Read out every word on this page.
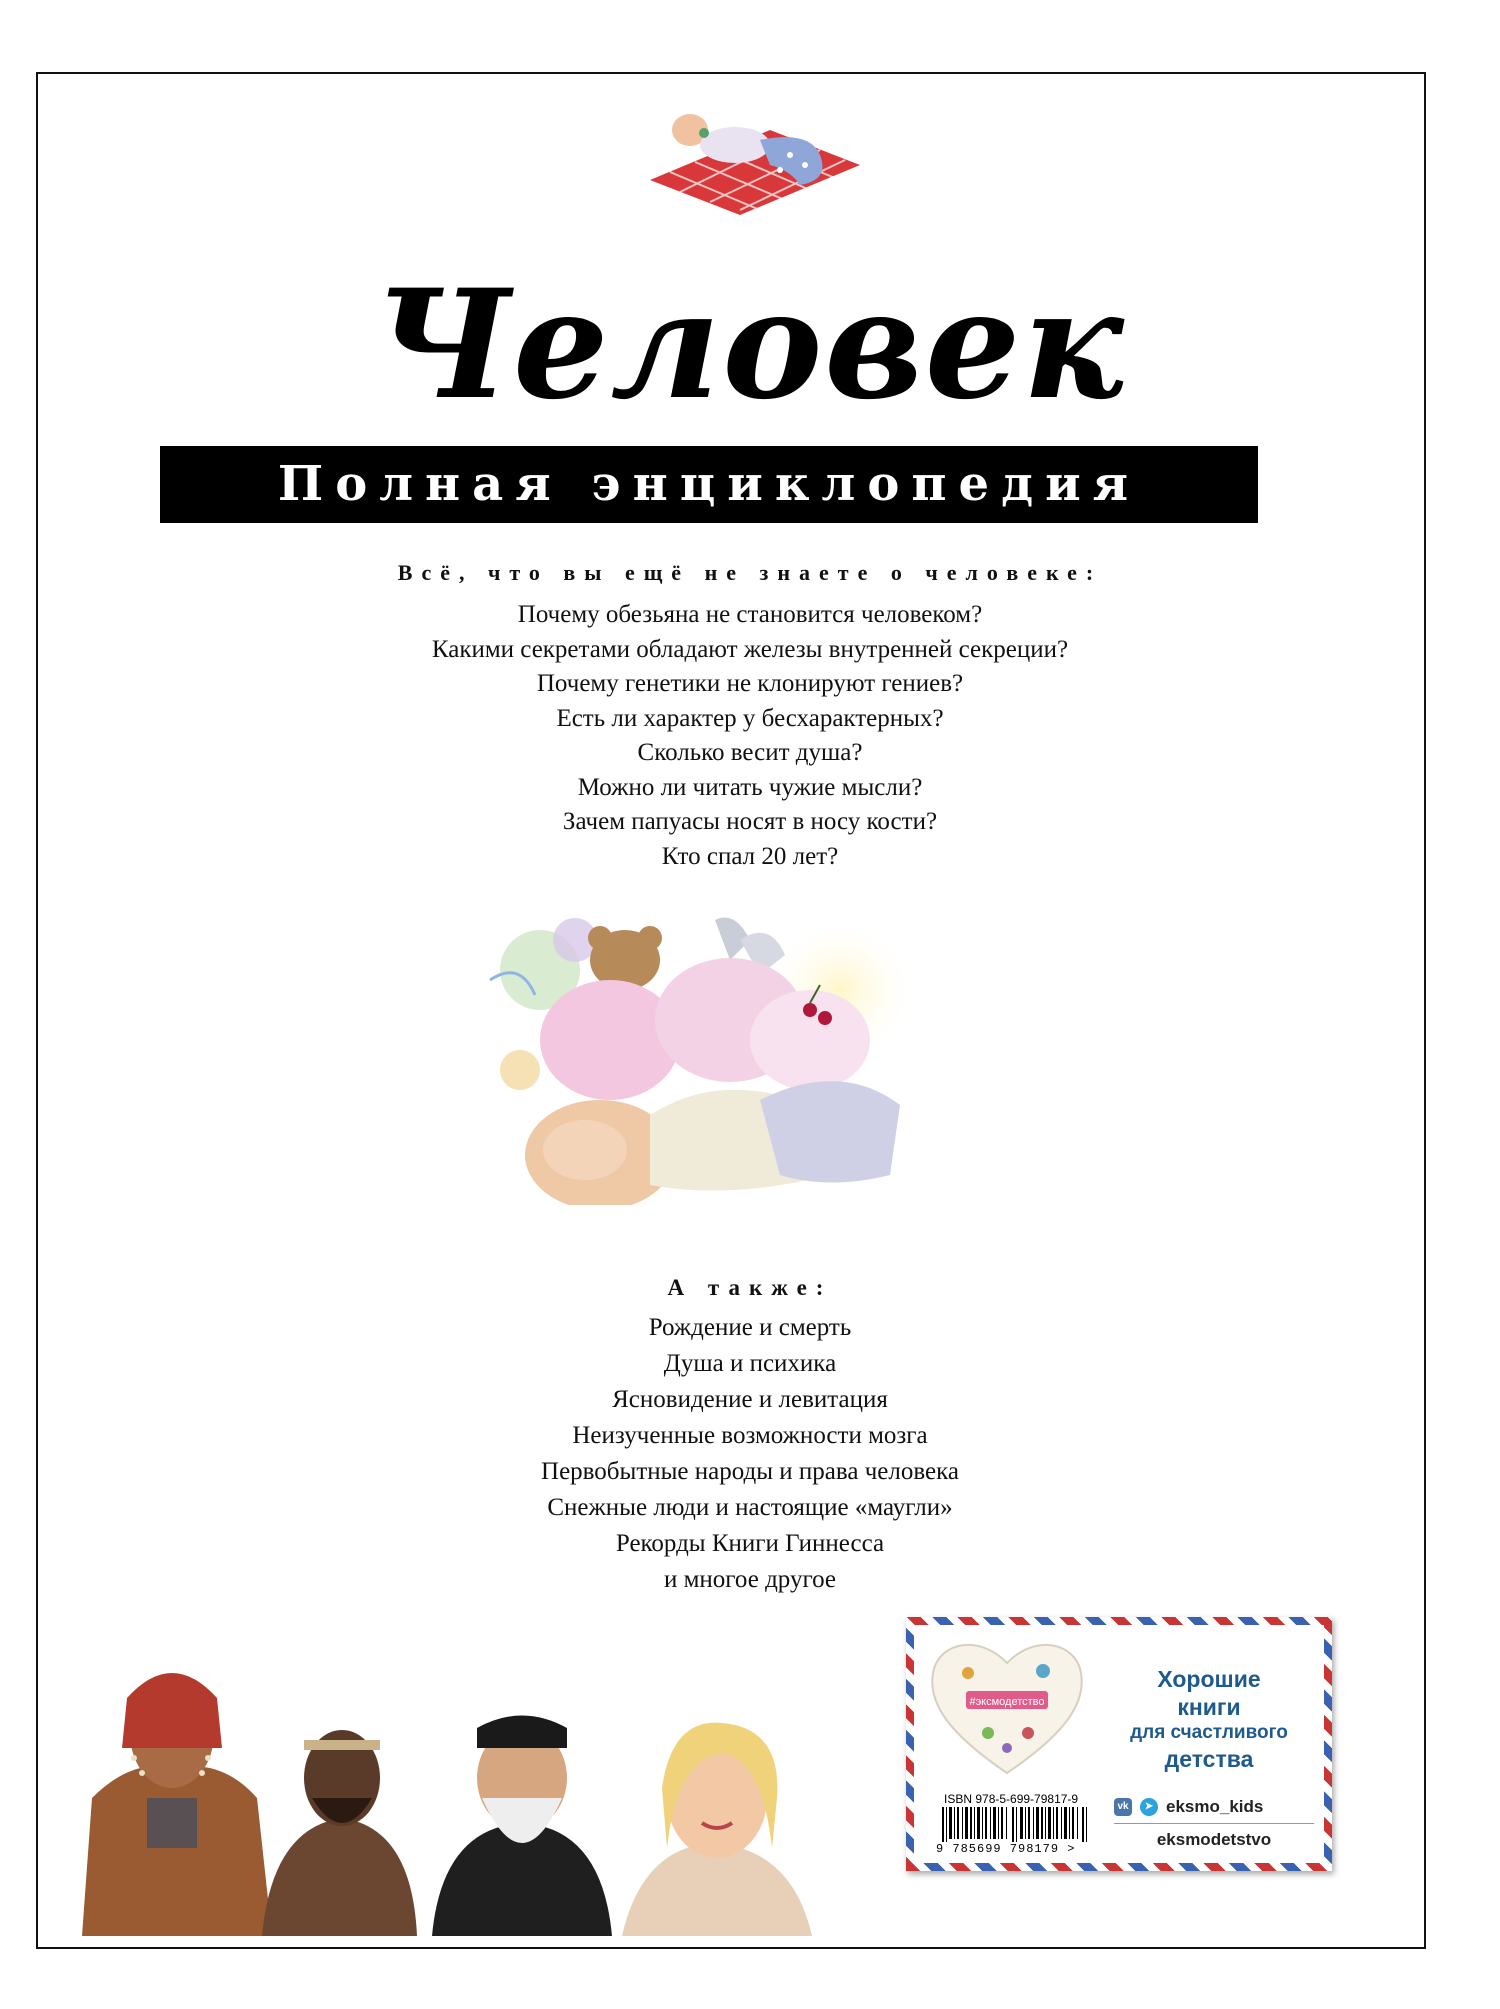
Человек
Полная энциклопедия
Всё, что вы ещё не знаете о человеке:
Почему обезьяна не становится человеком?
Какими секретами обладают железы внутренней секреции?
Почему генетики не клонируют гениев?
Есть ли характер у бесхарактерных?
Сколько весит душа?
Можно ли читать чужие мысли?
Зачем папуасы носят в носу кости?
Кто спал 20 лет?
А также:
Рождение и смерть
Душа и психика
Ясновидение и левитация
Неизученные возможности мозга
Первобытные народы и права человека
Снежные люди и настоящие «маугли»
Рекорды Книги Гиннесса
и многое другое
#эксмодетство
Хорошие
книги
для счастливого
детства
ISBN 978-5-699-79817-9
9 785699 798179 >
vk	➤ eksmo_kids
eksmodetstvo
